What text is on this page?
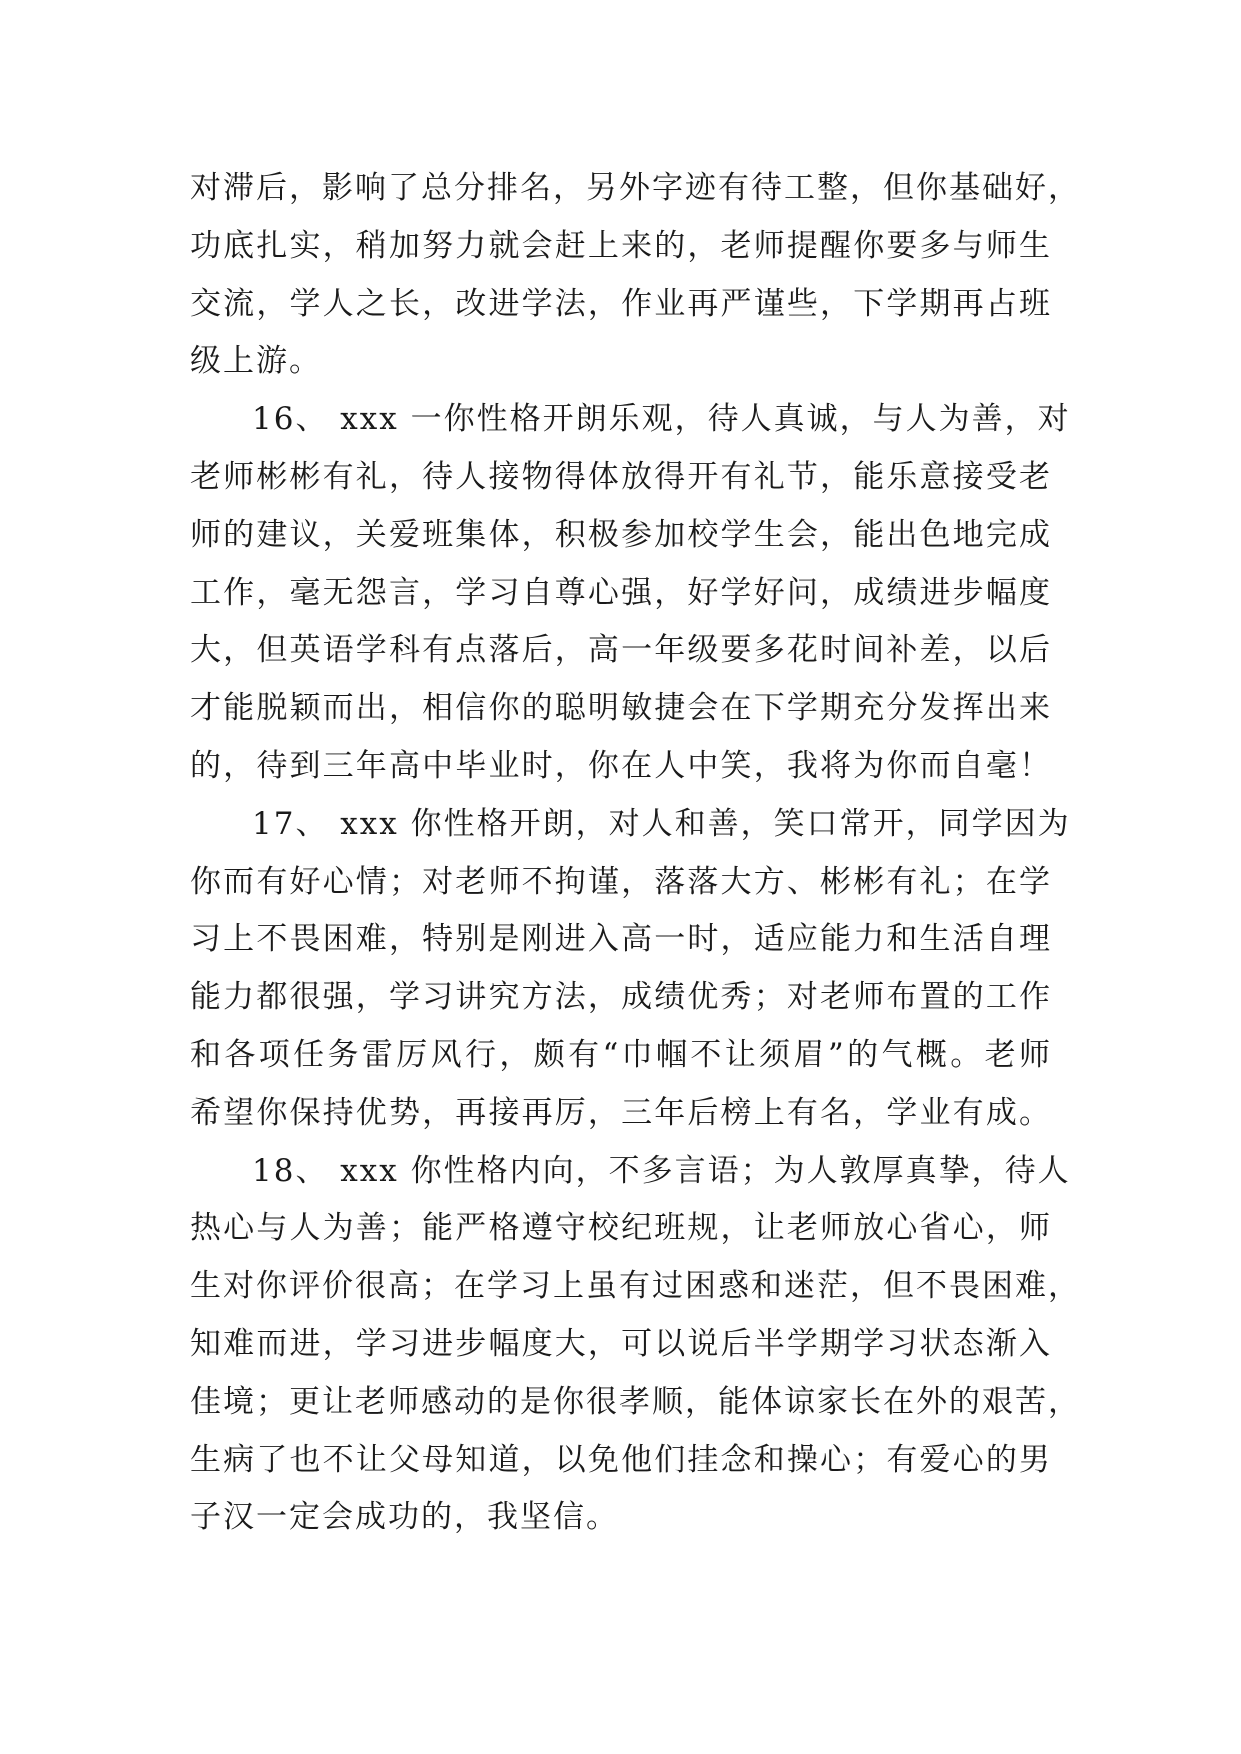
对滞后，影响了总分排名，另外字迹有待工整，但你基础好，
功底扎实，稍加努力就会赶上来的，老师提醒你要多与师生
交流，学人之长，改进学法，作业再严谨些，下学期再占班
级上游。
16、 xxx 一你性格开朗乐观，待人真诚，与人为善，对
老师彬彬有礼，待人接物得体放得开有礼节，能乐意接受老
师的建议，关爱班集体，积极参加校学生会，能出色地完成
工作，毫无怨言，学习自尊心强，好学好问，成绩进步幅度
大，但英语学科有点落后，高一年级要多花时间补差，以后
才能脱颖而出，相信你的聪明敏捷会在下学期充分发挥出来
的，待到三年高中毕业时，你在人中笑，我将为你而自毫！
17、 xxx 你性格开朗，对人和善，笑口常开，同学因为
你而有好心情；对老师不拘谨，落落大方、彬彬有礼；在学
习上不畏困难，特别是刚进入高一时，适应能力和生活自理
能力都很强，学习讲究方法，成绩优秀；对老师布置的工作
和各项任务雷厉风行，颇有“巾帼不让须眉”的气概。老师
希望你保持优势，再接再厉，三年后榜上有名，学业有成。
18、 xxx 你性格内向，不多言语；为人敦厚真挚，待人
热心与人为善；能严格遵守校纪班规，让老师放心省心，师
生对你评价很高；在学习上虽有过困惑和迷茫，但不畏困难，
知难而进，学习进步幅度大，可以说后半学期学习状态渐入
佳境；更让老师感动的是你很孝顺，能体谅家长在外的艰苦，
生病了也不让父母知道，以免他们挂念和操心；有爱心的男
子汉一定会成功的，我坚信。
